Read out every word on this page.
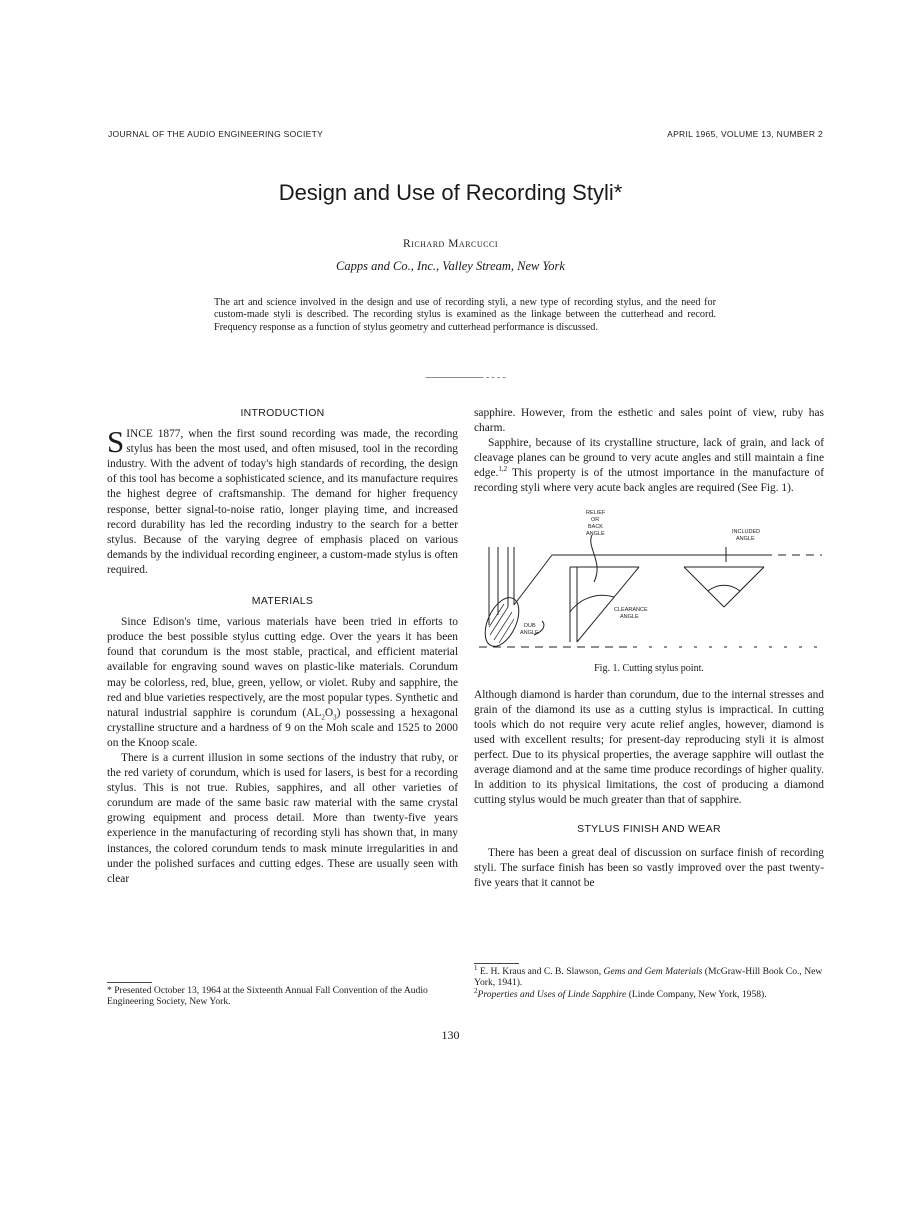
JOURNAL OF THE AUDIO ENGINEERING SOCIETY	APRIL 1965, VOLUME 13, NUMBER 2
Design and Use of Recording Styli*
Richard Marcucci
Capps and Co., Inc., Valley Stream, New York
The art and science involved in the design and use of recording styli, a new type of recording stylus, and the need for custom-made styli is described. The recording stylus is examined as the linkage between the cutterhead and record. Frequency response as a function of stylus geometry and cutterhead performance is discussed.
INTRODUCTION

SINCE 1877, when the first sound recording was made, the recording stylus has been the most used, and often misused, tool in the recording industry. With the advent of today's high standards of recording, the design of this tool has become a sophisticated science, and its manufacture requires the highest degree of craftsmanship. The demand for higher frequency response, better signal-to-noise ratio, longer playing time, and increased record durability has led the recording industry to the search for a better stylus. Because of the varying degree of emphasis placed on various demands by the individual recording engineer, a custom-made stylus is often required.

MATERIALS

Since Edison's time, various materials have been tried in efforts to produce the best possible stylus cutting edge. Over the years it has been found that corundum is the most stable, practical, and efficient material available for engraving sound waves on plastic-like materials. Corundum may be colorless, red, blue, green, yellow, or violet. Ruby and sapphire, the red and blue varieties respectively, are the most popular types. Synthetic and natural industrial sapphire is corundum $(AL_2O_3)$ possessing a hexagonal crystalline structure and a hardness of 9 on the Moh scale and 1525 to 2000 on the Knoop scale.

There is a current illusion in some sections of the industry that ruby, or the red variety of corundum, which is used for lasers, is best for a recording stylus. This is not true. Rubies, sapphires, and all other varieties of corundum are made of the same basic raw material with the same crystal growing equipment and process detail. More than twenty-five years experience in the manufacturing of recording styli has shown that, in many instances, the colored corundum tends to mask minute irregularities in and under the polished surfaces and cutting edges. These are usually seen with clear

sapphire. However, from the esthetic and sales point of view, ruby has charm.

Sapphire, because of its crystalline structure, lack of grain, and lack of cleavage planes can be ground to very acute angles and still maintain a fine edge.$^{1,2}$ This property is of the utmost importance in the manufacture of recording styli where very acute back angles are required (See Fig. 1).

RELIEF
OR
BACK
ANGLE	INCLUDED
ANGLE
CLEARANCE
ANGLE
DUB
ANGLE
Fig. 1. Cutting stylus point.

Although diamond is harder than corundum, due to the internal stresses and grain of the diamond its use as a cutting stylus is impractical. In cutting tools which do not require very acute relief angles, however, diamond is used with excellent results; for present-day reproducing styli it is almost perfect. Due to its physical properties, the average sapphire will outlast the average diamond and at the same time produce recordings of higher quality. In addition to its physical limitations, the cost of producing a diamond cutting stylus would be much greater than that of sapphire.

STYLUS FINISH AND WEAR

There has been a great deal of discussion on surface finish of recording styli. The surface finish has been so vastly improved over the past twenty-five years that it cannot be

* Presented October 13, 1964 at the Sixteenth Annual Fall Convention of the Audio Engineering Society, New York.
$^1$ E. H. Kraus and C. B. Slawson, Gems and Gem Materials (McGraw-Hill Book Co., New York, 1941).
$^2$Properties and Uses of Linde Sapphire (Linde Company, New York, 1958).
130
